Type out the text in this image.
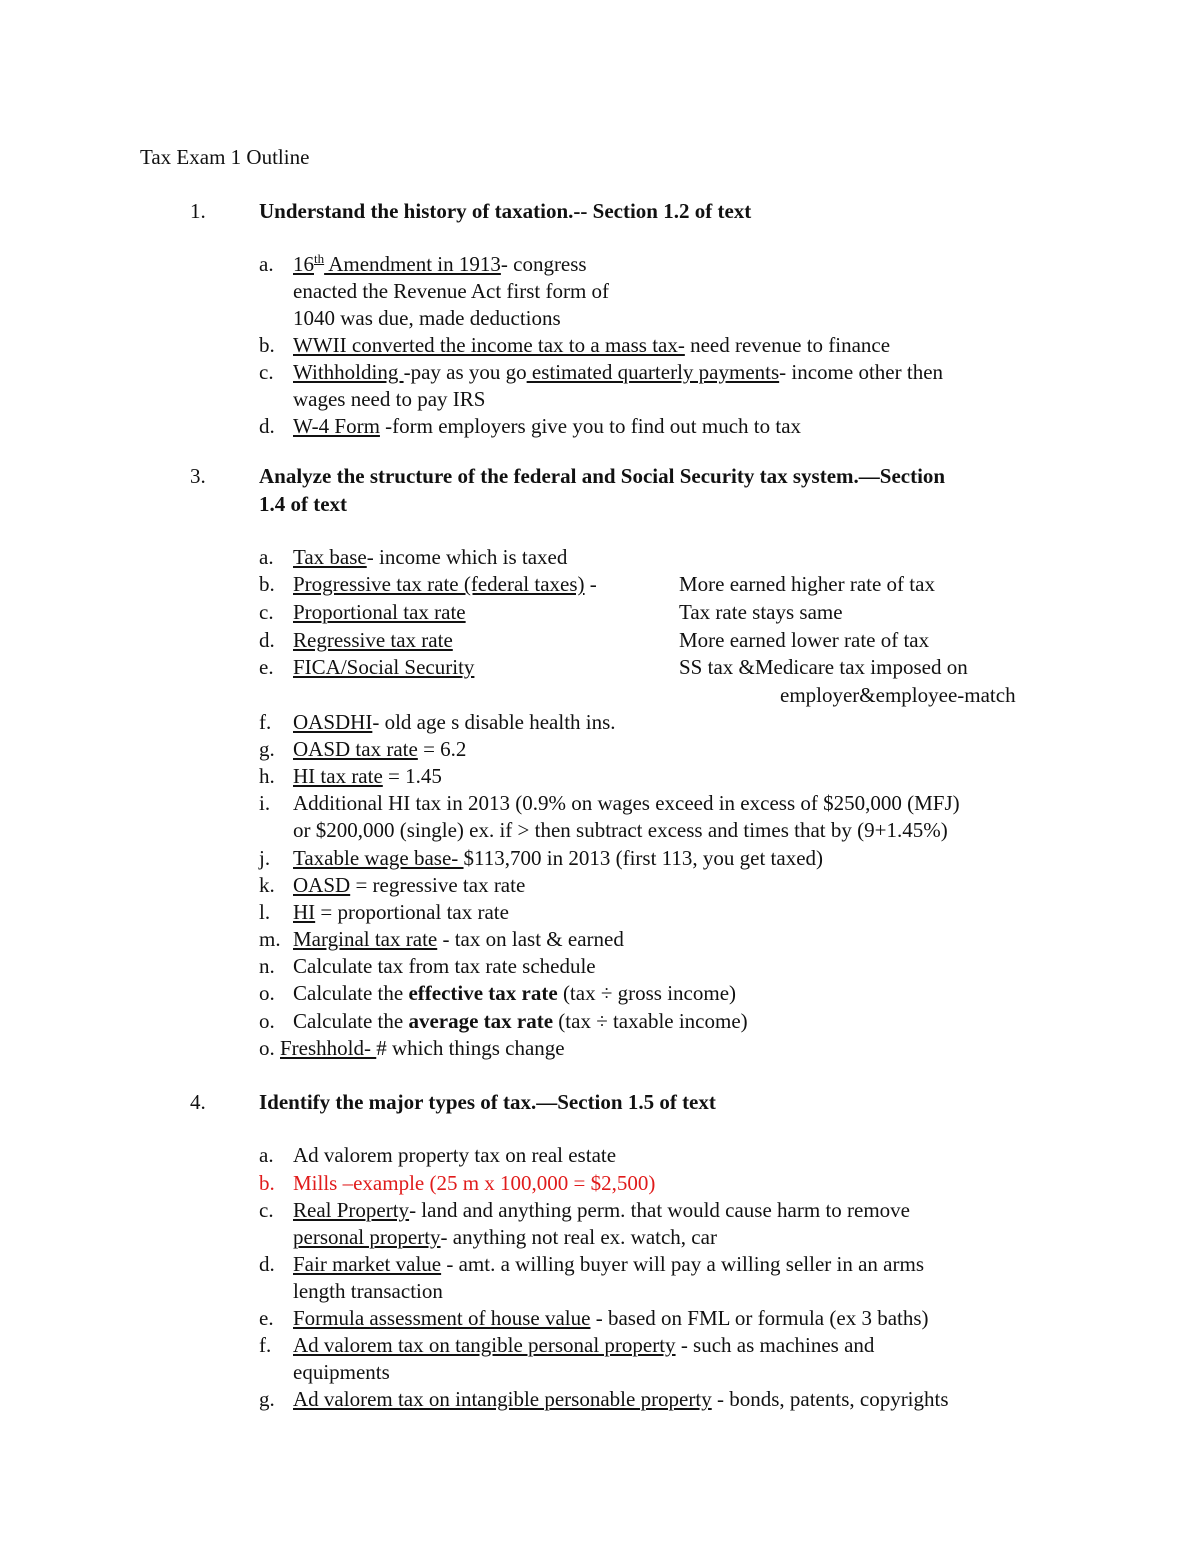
Tax Exam 1 Outline
1.	Understand the history of taxation.-- Section 1.2 of text
a. 16th Amendment in 1913- congress
enacted the Revenue Act first form of
1040 was due, made deductions
b. WWII converted the income tax to a mass tax- need revenue to finance
c. Withholding -pay as you go estimated quarterly payments- income other then
wages need to pay IRS
d. W-4 Form -form employers give you to find out much to tax
3.	Analyze the structure of the federal and Social Security tax system.—Section
1.4 of text
a. Tax base- income which is taxed
b. Progressive tax rate (federal taxes) -	More earned higher rate of tax
c. Proportional tax rate	Tax rate stays same
d. Regressive tax rate	More earned lower rate of tax
e. FICA/Social Security	SS tax &Medicare tax imposed on
employer&employee-match
f. OASDHI- old age s disable health ins.
g. OASD tax rate = 6.2
h. HI tax rate = 1.45
i. Additional HI tax in 2013 (0.9% on wages exceed in excess of $250,000 (MFJ)
or $200,000 (single) ex. if > then subtract excess and times that by (9+1.45%)
j. Taxable wage base- $113,700 in 2013 (first 113, you get taxed)
k. OASD = regressive tax rate
l. HI = proportional tax rate
m. Marginal tax rate - tax on last & earned
n. Calculate tax from tax rate schedule
o. Calculate the effective tax rate (tax ÷ gross income)
o. Calculate the average tax rate (tax ÷ taxable income)
o. Freshhold- # which things change
4.	Identify the major types of tax.—Section 1.5 of text
a. Ad valorem property tax on real estate
b. Mills –example (25 m x 100,000 = $2,500)
c. Real Property- land and anything perm. that would cause harm to remove
personal property- anything not real ex. watch, car
d. Fair market value - amt. a willing buyer will pay a willing seller in an arms
length transaction
e. Formula assessment of house value - based on FML or formula (ex 3 baths)
f. Ad valorem tax on tangible personal property - such as machines and
equipments
g. Ad valorem tax on intangible personable property - bonds, patents, copyrights
